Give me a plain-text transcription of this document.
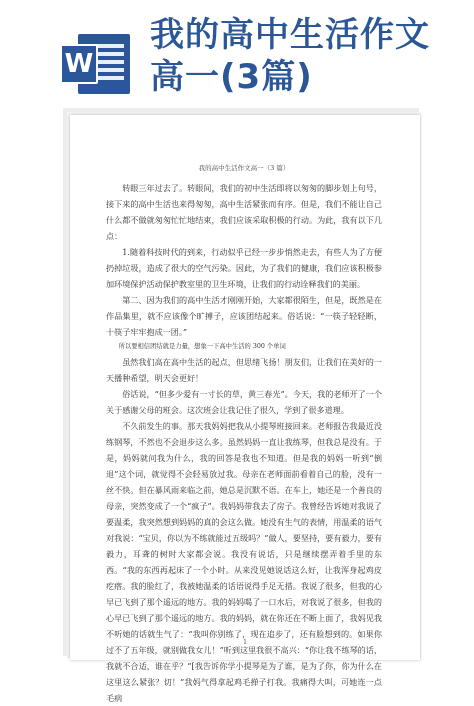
W
我的高中生活作文
高一(3篇)
我的高中生活作文高一（3 篇）

转眼三年过去了。转眼间，我们的初中生活即将以匆匆的脚步划上句号，接下来的高中生活也来得匆匆，高中生活紧张而有序。但是，我们不能让自己什么都不做就匆匆忙忙地结束，我们应该采取积极的行动。为此，我有以下几点：

1.随着科技时代的到来，行动似乎已经一步步悄然走去，有些人为了方便扔掉垃圾，造成了很大的空气污染。因此，为了我们的健康，我们应该积极参加环境保护活动保护教室里的卫生环境，让我们的行动诠释我们的美丽。

第二、因为我们的高中生活才刚刚开始，大家都很陌生，但是，既然是在作品集里，就不应该像个旷搏子，应该团结起来。俗话说：“一筷子轻轻断，十筷子牢牢抱成一团。”

所以要相信团结就是力量，想象一下高中生活的 300 个单词

虽然我们高在高中生活的起点，但思绪飞扬！朋友们，让我们在美好的一天播种希望，明天会更好！

俗话说，“但多少爱有一寸长的草，黄三春光”。今天，我的老师开了一个关于感谢父母的班会。这次班会让我记住了很久，学到了很多道理。

不久前发生的事。那天我妈妈把我从小提琴班接回来。老师报告我最近没练钢琴，不然也不会退步这么多。虽然妈妈一直让我练琴，但我总是没有。于是，妈妈就问我为什么，我的回答是我也不知道。但是我的妈妈一听到“倒退”这个词，就觉得不会轻易放过我。母亲在老师面前看着自己的脸，没有一丝不快。但在暴风雨来临之前，她总是沉默不语。在车上，她还是一个善良的母亲，突然变成了一个“疯子”。我妈妈带我去了房子。我曾经告诉她对我说了要温柔，我突然想到妈妈的真的会这么做。她没有生气的表情，用温柔的语气对我说：“宝贝，你以为不练就能过五级吗？”做人，要坚持，要有毅力，要有毅力，耳聋的树时大家都会说。我没有说话，只是继续摆弄着手里的东西。“我的东西再起床了一个小时。从来没见她说话这么好，让我浑身起鸡皮疙瘩。我的脸红了，我被她温柔的话语说得手足无措。我说了很多，但我的心早已飞到了那个遥远的地方。我的妈妈喝了一口水后，对我说了很多，但我的心早已飞到了那个遥远的地方。我的妈妈，就在你还在不断上面了，我妈见我不听她的话就生气了：“我叫你别练了，现在追步了，还有脸想到的。如果你过不了五年级，就别做我女儿！”听到这里我很不高兴：“你让我不练琴的话，我就不合适，谁在乎？”[我告诉你学小提琴是为了谁，是为了你，你为什么在这里这么紧张？切！”我妈气得拿起鸡毛掸子打我。我痛得大叫，可她连一点毛病

1
